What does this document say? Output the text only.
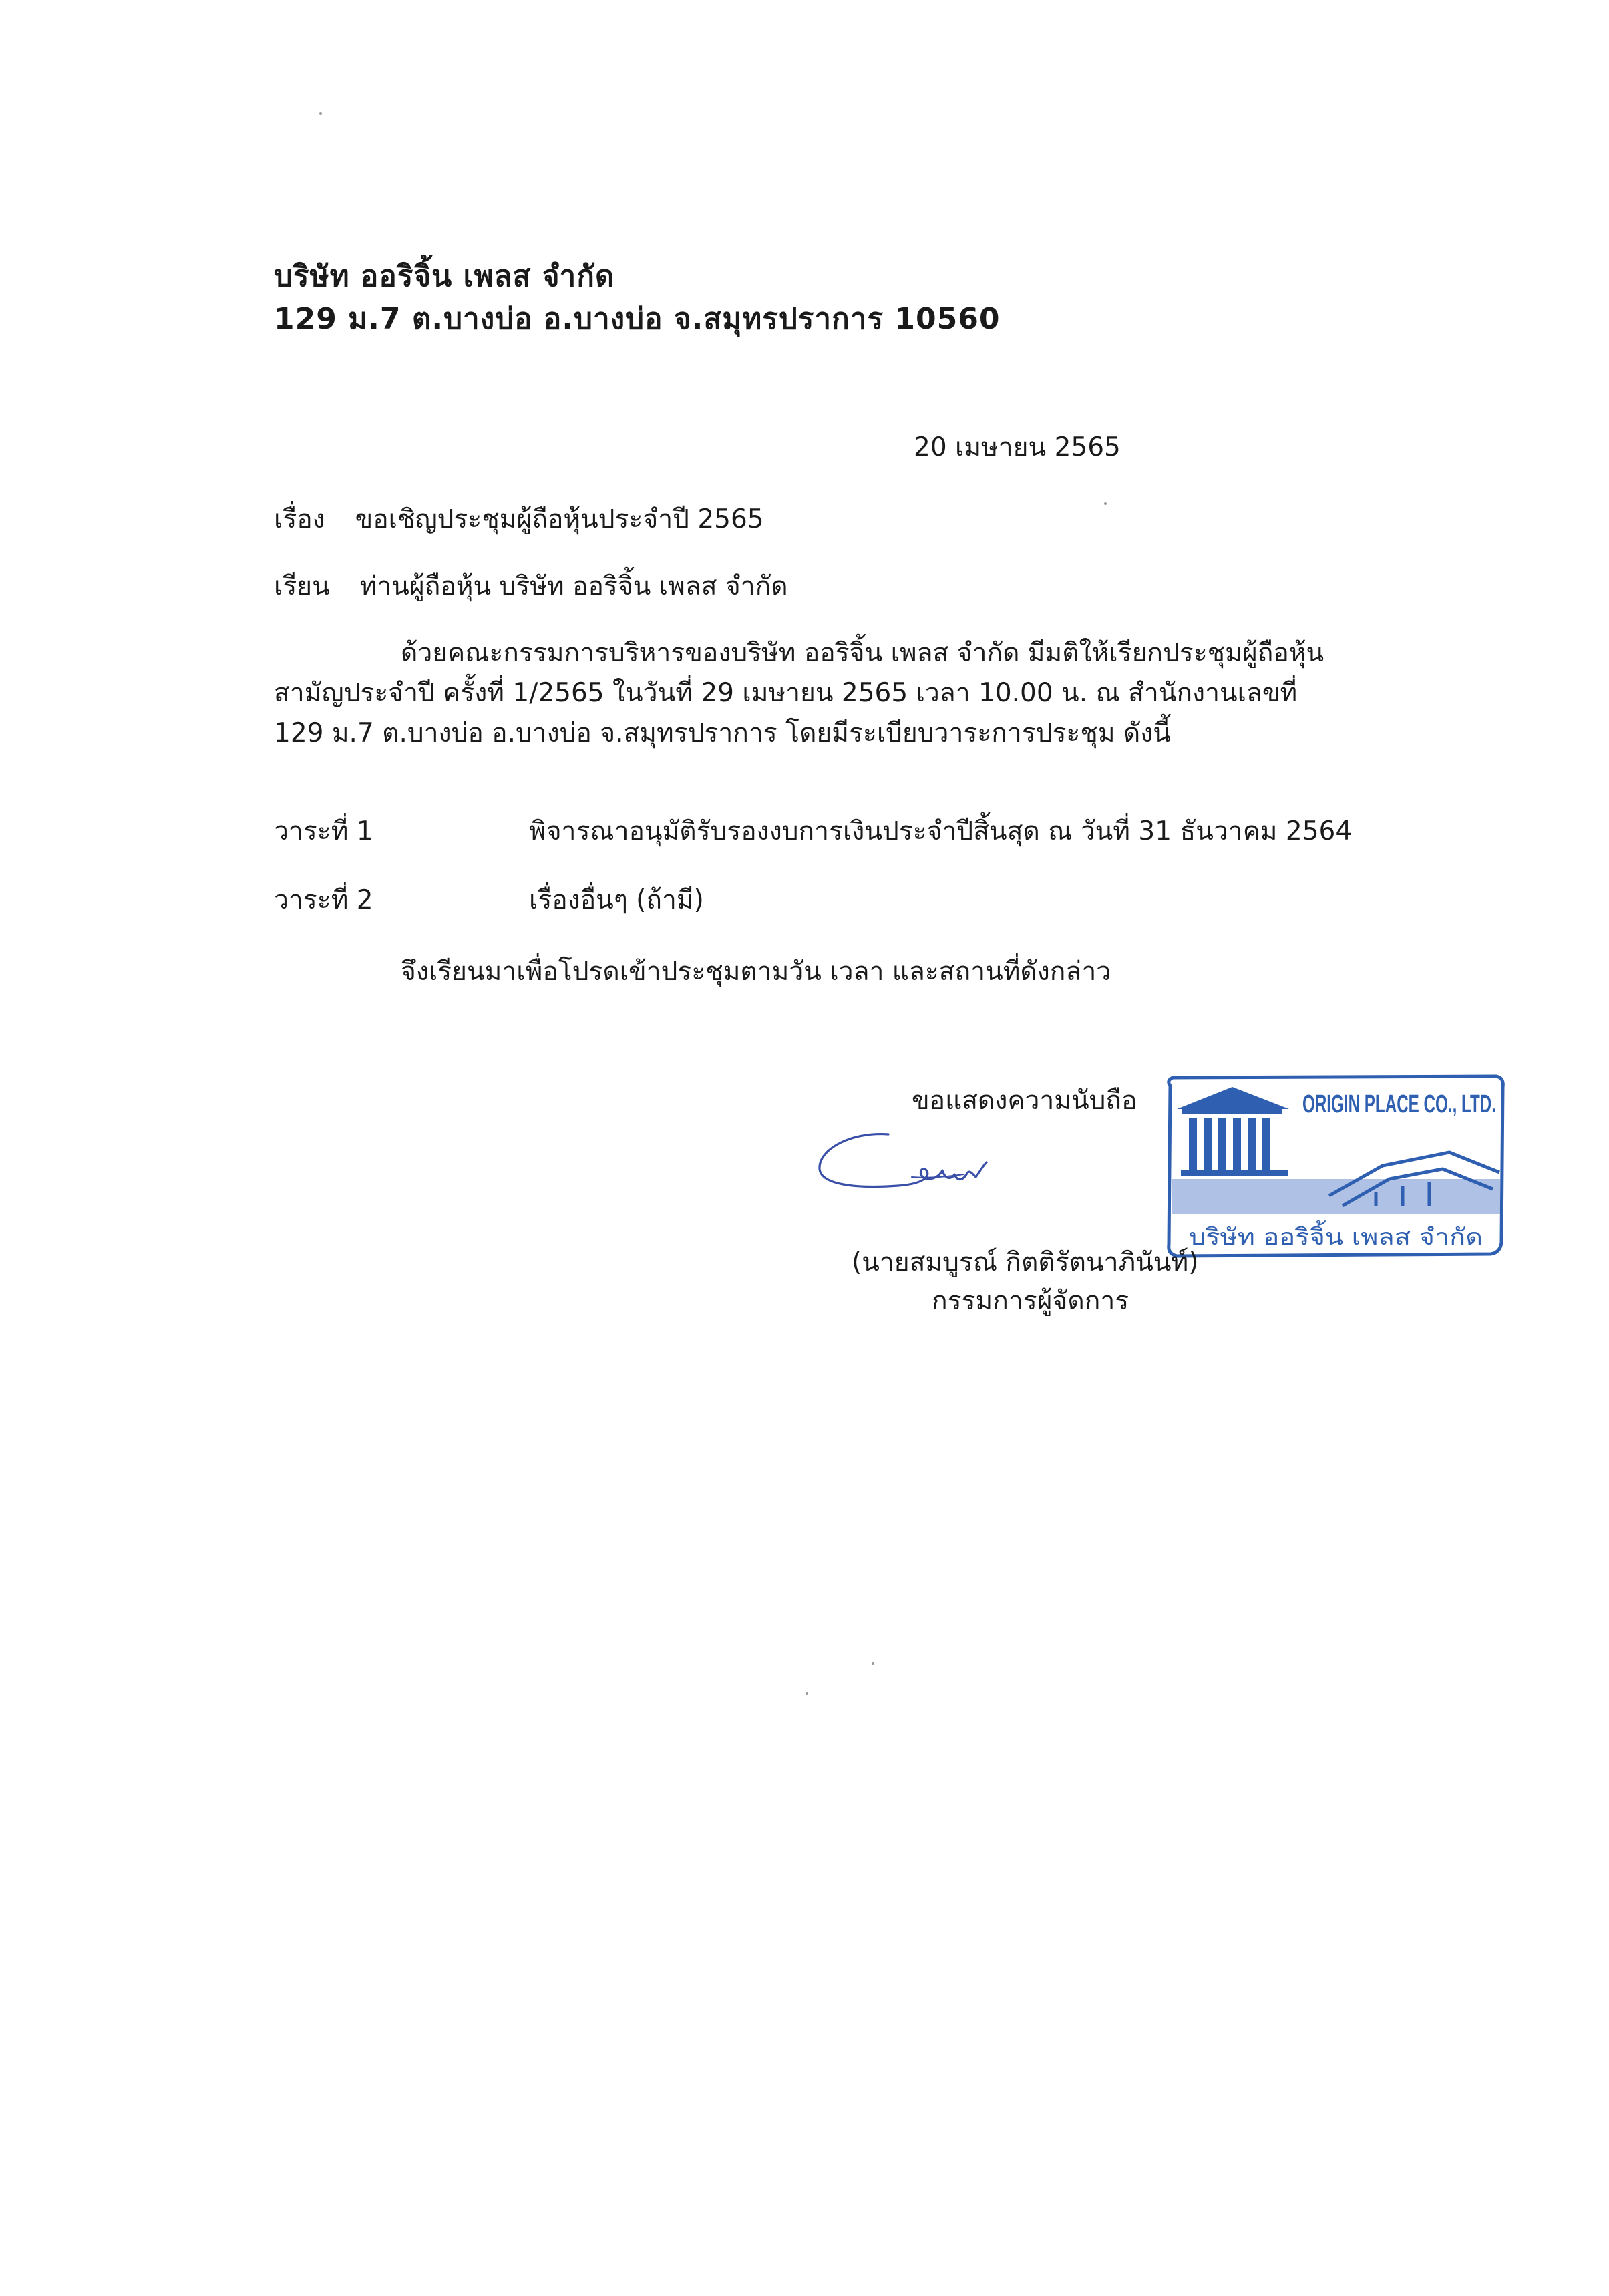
บริษัท ออริจิ้น เพลส จำกัด
129 ม.7 ต.บางบ่อ อ.บางบ่อ จ.สมุทรปราการ 10560
20 เมษายน 2565
เรื่อง ขอเชิญประชุมผู้ถือหุ้นประจำปี 2565
เรียน ท่านผู้ถือหุ้น บริษัท ออริจิ้น เพลส จำกัด
ด้วยคณะกรรมการบริหารของบริษัท ออริจิ้น เพลส จำกัด มีมติให้เรียกประชุมผู้ถือหุ้น
สามัญประจำปี ครั้งที่ 1/2565 ในวันที่ 29 เมษายน 2565 เวลา 10.00 น. ณ สำนักงานเลขที่
129 ม.7 ต.บางบ่อ อ.บางบ่อ จ.สมุทรปราการ โดยมีระเบียบวาระการประชุม ดังนี้
วาระที่ 1	พิจารณาอนุมัติรับรองงบการเงินประจำปีสิ้นสุด ณ วันที่ 31 ธันวาคม 2564
วาระที่ 2	เรื่องอื่นๆ (ถ้ามี)
จึงเรียนมาเพื่อโปรดเข้าประชุมตามวัน เวลา และสถานที่ดังกล่าว
ขอแสดงความนับถือ	ORIGIN PLACE CO., LTD.
บริษัท ออริจิ้น เพลส จำกัด
(นายสมบูรณ์ กิตติรัตนาภินันท์)
กรรมการผู้จัดการ
